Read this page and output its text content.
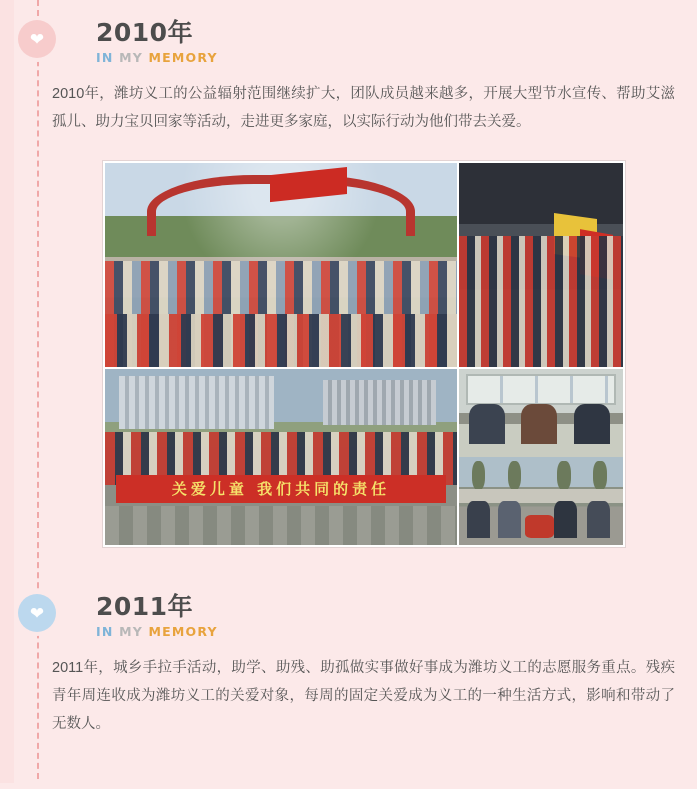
❤ 2010年
IN MY MEMORY

2010年，潍坊义工的公益辐射范围继续扩大，团队成员越来越多，开展大型节水宣传、帮助艾滋孤儿、助力宝贝回家等活动，走进更多家庭，以实际行动为他们带去关爱。

关爱儿童 我们共同的责任
❤ 2011年
IN MY MEMORY

2011年，城乡手拉手活动，助学、助残、助孤做实事做好事成为潍坊义工的志愿服务重点。残疾青年周连收成为潍坊义工的关爱对象，每周的固定关爱成为义工的一种生活方式，影响和带动了无数人。
